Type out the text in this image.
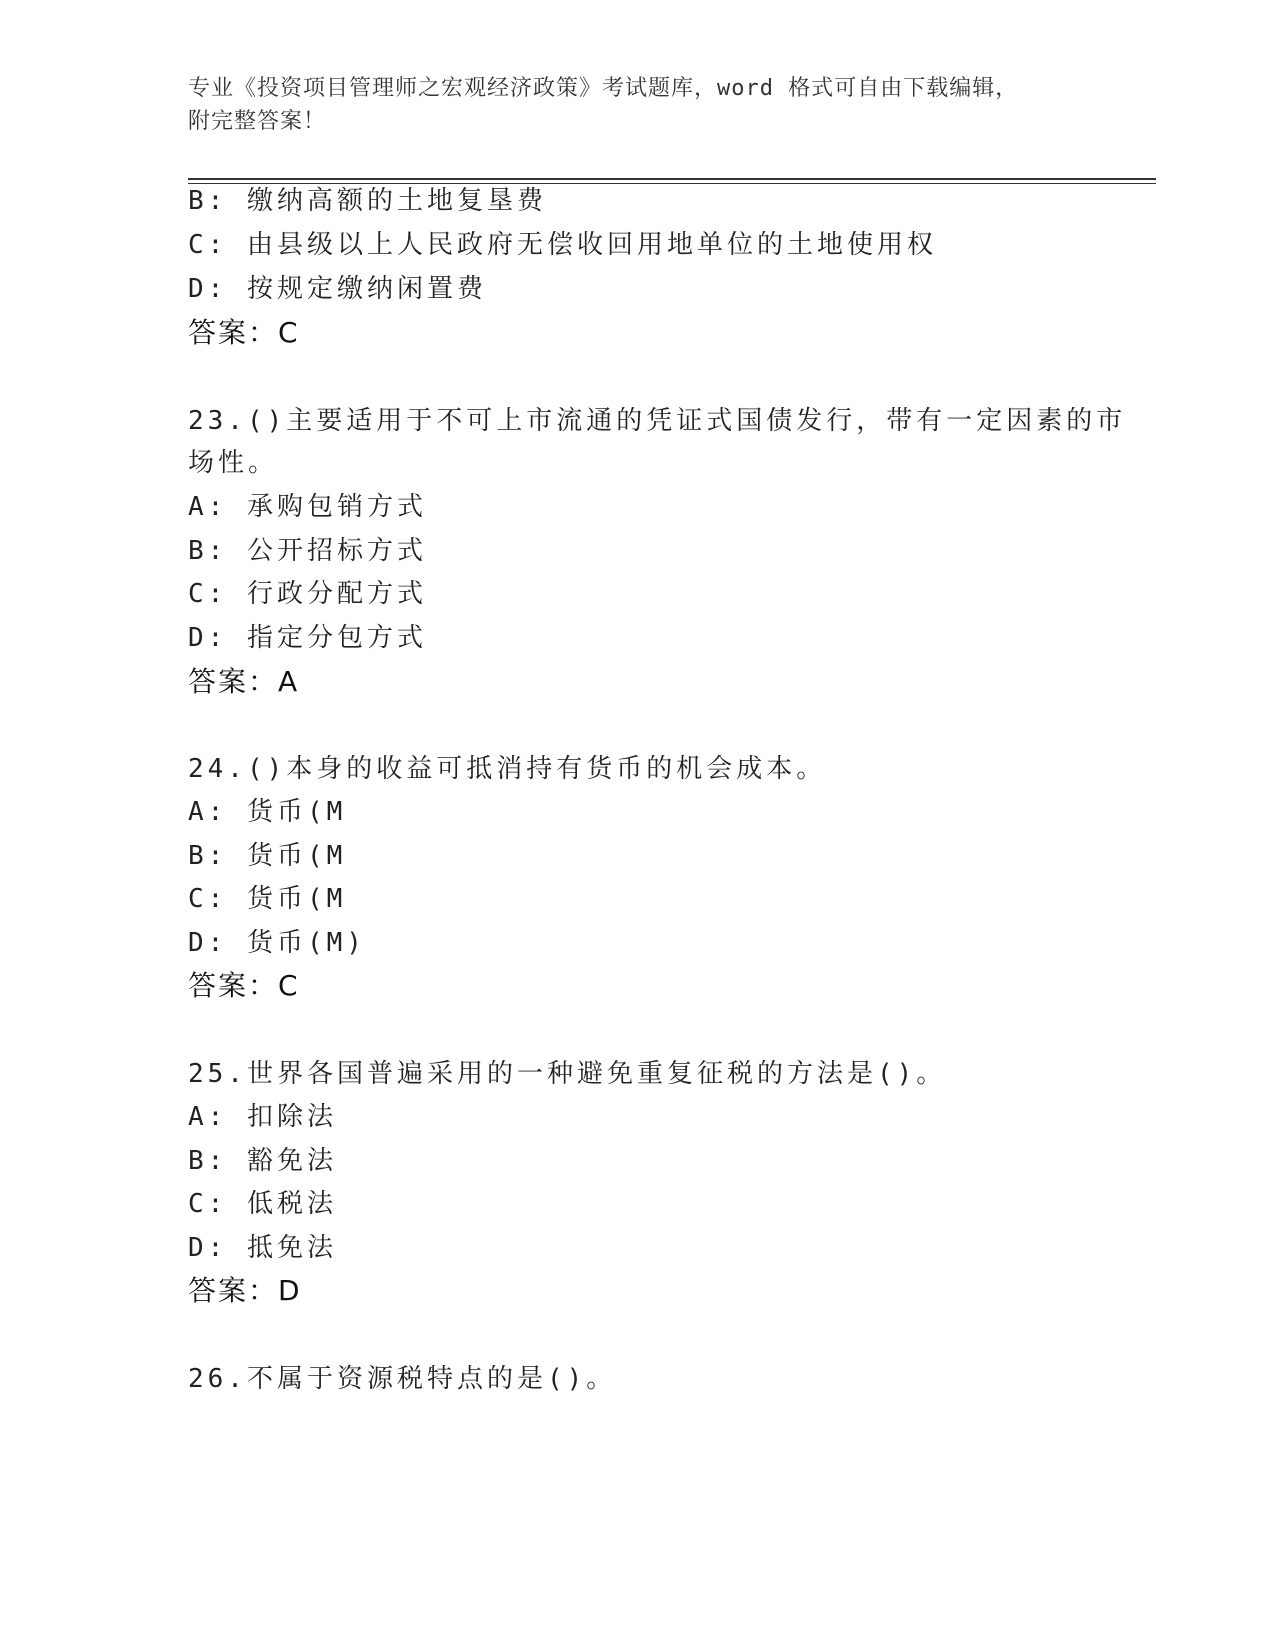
专业《投资项目管理师之宏观经济政策》考试题库，word 格式可自由下载编辑，
附完整答案！
B: 缴纳高额的土地复垦费
C: 由县级以上人民政府无偿收回用地单位的土地使用权
D: 按规定缴纳闲置费
答案：C
23.()主要适用于不可上市流通的凭证式国债发行，带有一定因素的市
场性。
A: 承购包销方式
B: 公开招标方式
C: 行政分配方式
D: 指定分包方式
答案：A
24.()本身的收益可抵消持有货币的机会成本。
A: 货币(M
B: 货币(M
C: 货币(M
D: 货币(M)
答案：C
25.世界各国普遍采用的一种避免重复征税的方法是()。
A: 扣除法
B: 豁免法
C: 低税法
D: 抵免法
答案：D
26.不属于资源税特点的是()。
